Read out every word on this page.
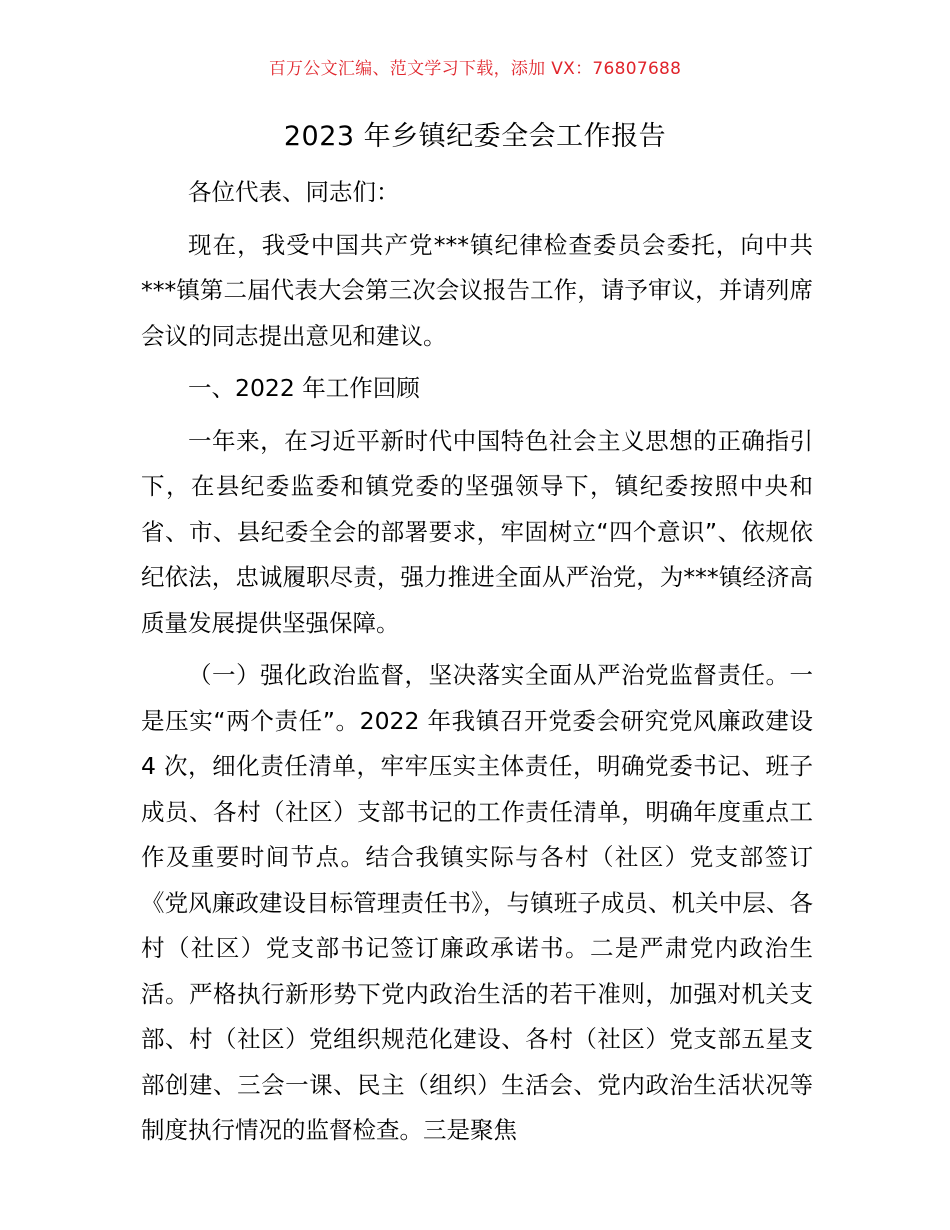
百万公文汇编、范文学习下载，添加 VX：76807688
2023 年乡镇纪委全会工作报告

各位代表、同志们：

现在，我受中国共产党***镇纪律检查委员会委托，向中共***镇第二届代表大会第三次会议报告工作，请予审议，并请列席会议的同志提出意见和建议。

一、2022 年工作回顾

一年来，在习近平新时代中国特色社会主义思想的正确指引下，在县纪委监委和镇党委的坚强领导下，镇纪委按照中央和省、市、县纪委全会的部署要求，牢固树立“四个意识”、依规依纪依法，忠诚履职尽责，强力推进全面从严治党，为***镇经济高质量发展提供坚强保障。

（一）强化政治监督，坚决落实全面从严治党监督责任。一是压实“两个责任”。2022 年我镇召开党委会研究党风廉政建设 4 次，细化责任清单，牢牢压实主体责任，明确党委书记、班子成员、各村（社区）支部书记的工作责任清单，明确年度重点工作及重要时间节点。结合我镇实际与各村（社区）党支部签订《党风廉政建设目标管理责任书》，与镇班子成员、机关中层、各村（社区）党支部书记签订廉政承诺书。二是严肃党内政治生活。严格执行新形势下党内政治生活的若干准则，加强对机关支部、村（社区）党组织规范化建设、各村（社区）党支部五星支部创建、三会一课、民主（组织）生活会、党内政治生活状况等制度执行情况的监督检查。三是聚焦
